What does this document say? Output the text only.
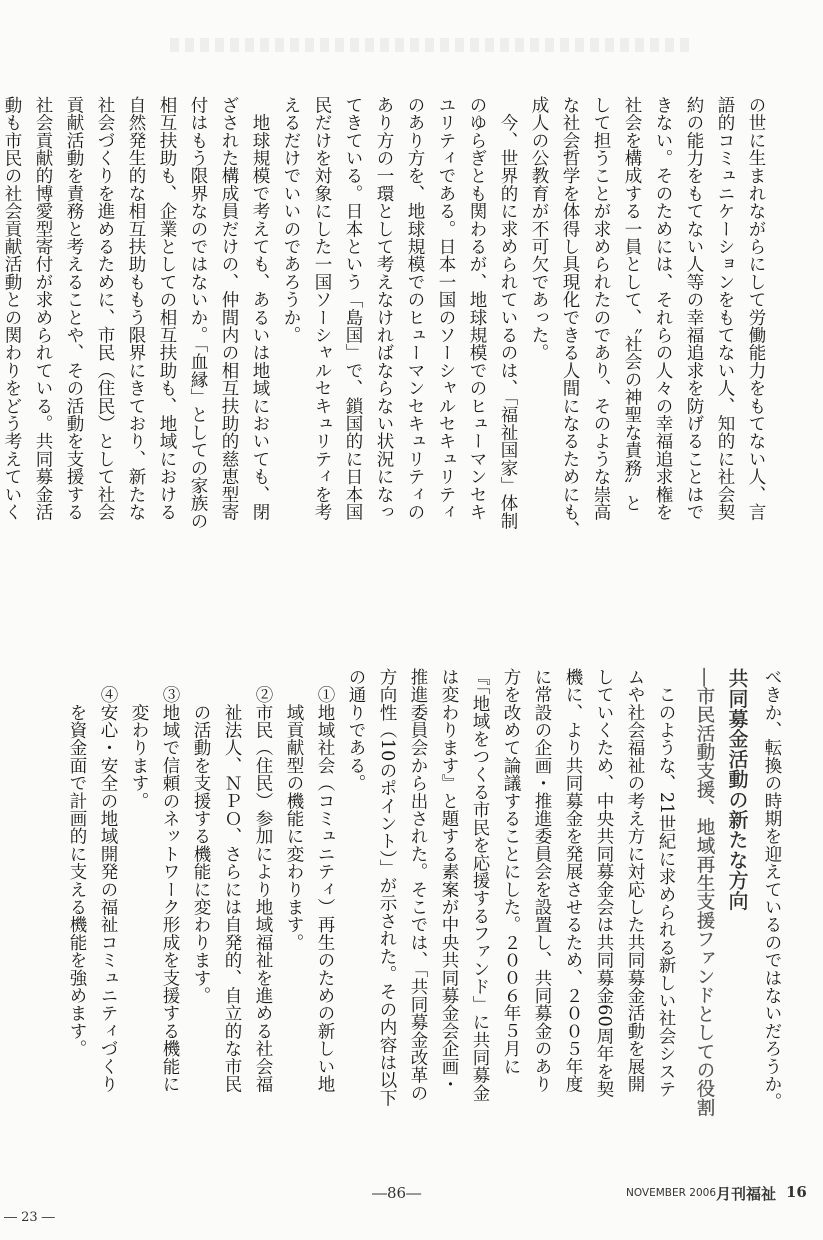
の世に生まれながらにして労働能力をもてない人、言
語的コミュニケーションをもてない人、知的に社会契
約の能力をもてない人等の幸福追求を防げることはで
きない。そのためには、それらの人々の幸福追求権を
社会を構成する一員として、〝社会の神聖な責務〟と
して担うことが求められたのであり、そのような崇高
な社会哲学を体得し具現化できる人間になるためにも、
成人の公教育が不可欠であった。
　今、世界的に求められているのは、「福祉国家」体制
のゆらぎとも関わるが、地球規模でのヒューマンセキ
ユリティである。日本一国のソーシャルセキュリティ
のあり方を、地球規模でのヒューマンセキュリティの
あり方の一環として考えなければならない状況になっ
てきている。日本という「島国」で、鎖国的に日本国
民だけを対象にした一国ソーシャルセキュリティを考
えるだけでいいのであろうか。
　地球規模で考えても、あるいは地域においても、閉
ざされた構成員だけの、仲間内の相互扶助的慈恵型寄
付はもう限界なのではないか。「血縁」としての家族の
相互扶助も、企業としての相互扶助も、地域における
自然発生的な相互扶助ももう限界にきており、新たな
社会づくりを進めるために、市民（住民）として社会
貢献活動を責務と考えることや、その活動を支援する
社会貢献的博愛型寄付が求められている。共同募金活
動も市民の社会貢献活動との関わりをどう考えていく
べきか、転換の時期を迎えているのではないだろうか。
共同募金活動の新たな方向
―市民活動支援、地域再生支援ファンドとしての役割
　このような、21世紀に求められる新しい社会システ
ムや社会福祉の考え方に対応した共同募金活動を展開
していくため、中央共同募金会は共同募金60周年を契
機に、より共同募金を発展させるため、２００５年度
に常設の企画・推進委員会を設置し、共同募金のあり
方を改めて論議することにした。２００６年５月に
『「地域をつくる市民を応援するファンド」に共同募金
は変わります』と題する素案が中央共同募金会企画・
推進委員会から出された。そこでは、「共同募金改革の
方向性（10のポイント）」が示された。その内容は以下
の通りである。
　①地域社会（コミュニティ）再生のための新しい地
　　域貢献型の機能に変わります。
　②市民（住民）参加により地域福祉を進める社会福
　　祉法人、ＮＰＯ、さらには自発的、自立的な市民
　　の活動を支援する機能に変わります。
　③地域で信頼のネットワーク形成を支援する機能に
　　変わります。
　④安心・安全の地域開発の福祉コミュニティづくり
　　を資金面で計画的に支える機能を強めます。
―86―	NOVEMBER 2006 月刊福祉 16
― 23 ―
